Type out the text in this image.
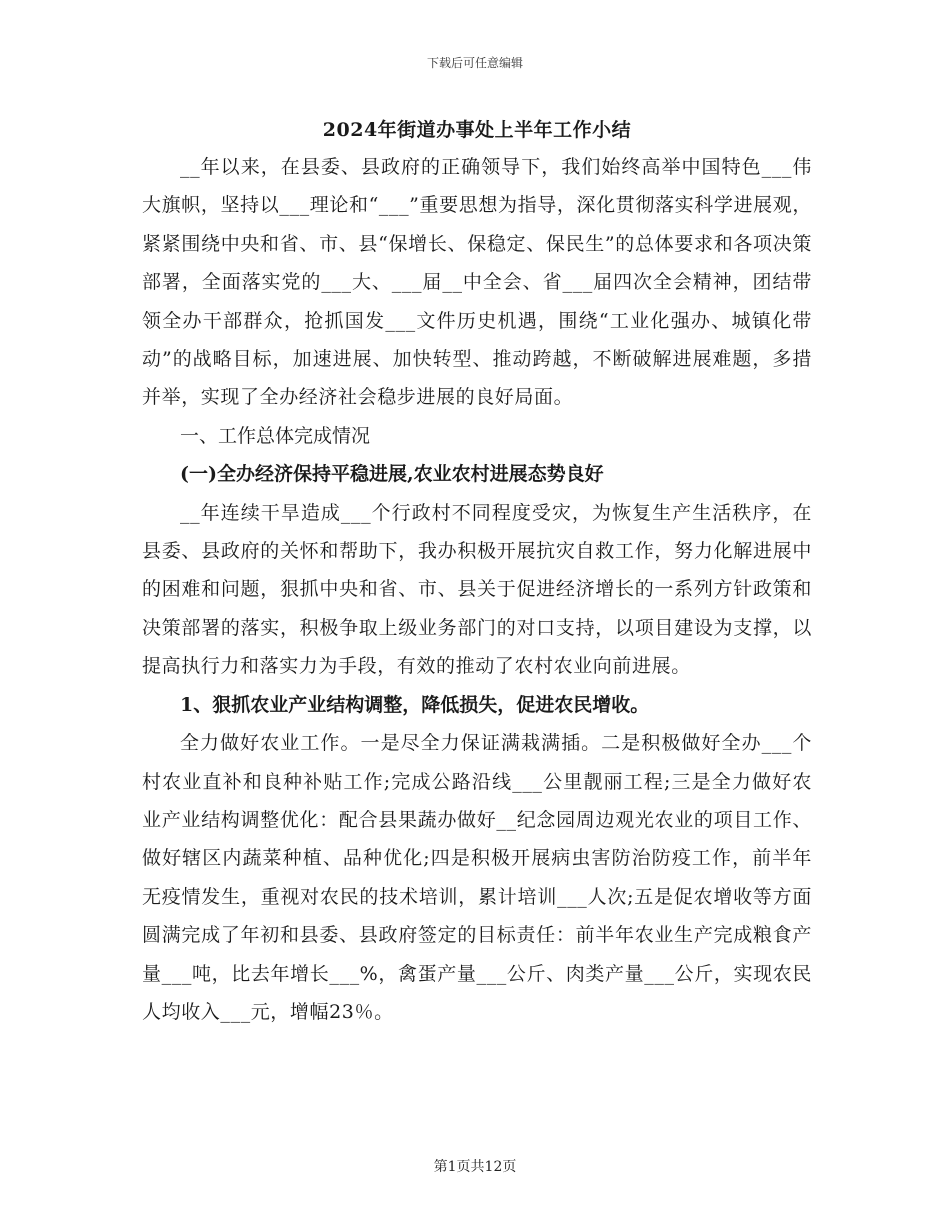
下载后可任意编辑
2024年街道办事处上半年工作小结

__年以来，在县委、县政府的正确领导下，我们始终高举中国特色___伟大旗帜，坚持以___理论和“___”重要思想为指导，深化贯彻落实科学进展观，紧紧围绕中央和省、市、县“保增长、保稳定、保民生”的总体要求和各项决策部署，全面落实党的___大、___届__中全会、省___届四次全会精神，团结带领全办干部群众，抢抓国发___文件历史机遇，围绕“工业化强办、城镇化带动”的战略目标，加速进展、加快转型、推动跨越，不断破解进展难题，多措并举，实现了全办经济社会稳步进展的良好局面。

一、工作总体完成情况

(一)全办经济保持平稳进展,农业农村进展态势良好

__年连续干旱造成___个行政村不同程度受灾，为恢复生产生活秩序，在县委、县政府的关怀和帮助下，我办积极开展抗灾自救工作，努力化解进展中的困难和问题，狠抓中央和省、市、县关于促进经济增长的一系列方针政策和决策部署的落实，积极争取上级业务部门的对口支持，以项目建设为支撑，以提高执行力和落实力为手段，有效的推动了农村农业向前进展。

1、狠抓农业产业结构调整，降低损失，促进农民增收。

全力做好农业工作。一是尽全力保证满栽满插。二是积极做好全办___个村农业直补和良种补贴工作;完成公路沿线___公里靓丽工程;三是全力做好农业产业结构调整优化：配合县果蔬办做好__纪念园周边观光农业的项目工作、做好辖区内蔬菜种植、品种优化;四是积极开展病虫害防治防疫工作，前半年无疫情发生，重视对农民的技术培训，累计培训___人次;五是促农增收等方面圆满完成了年初和县委、县政府签定的目标责任：前半年农业生产完成粮食产量___吨，比去年增长___%，禽蛋产量___公斤、肉类产量___公斤，实现农民人均收入___元，增幅23％。

第1页共12页
